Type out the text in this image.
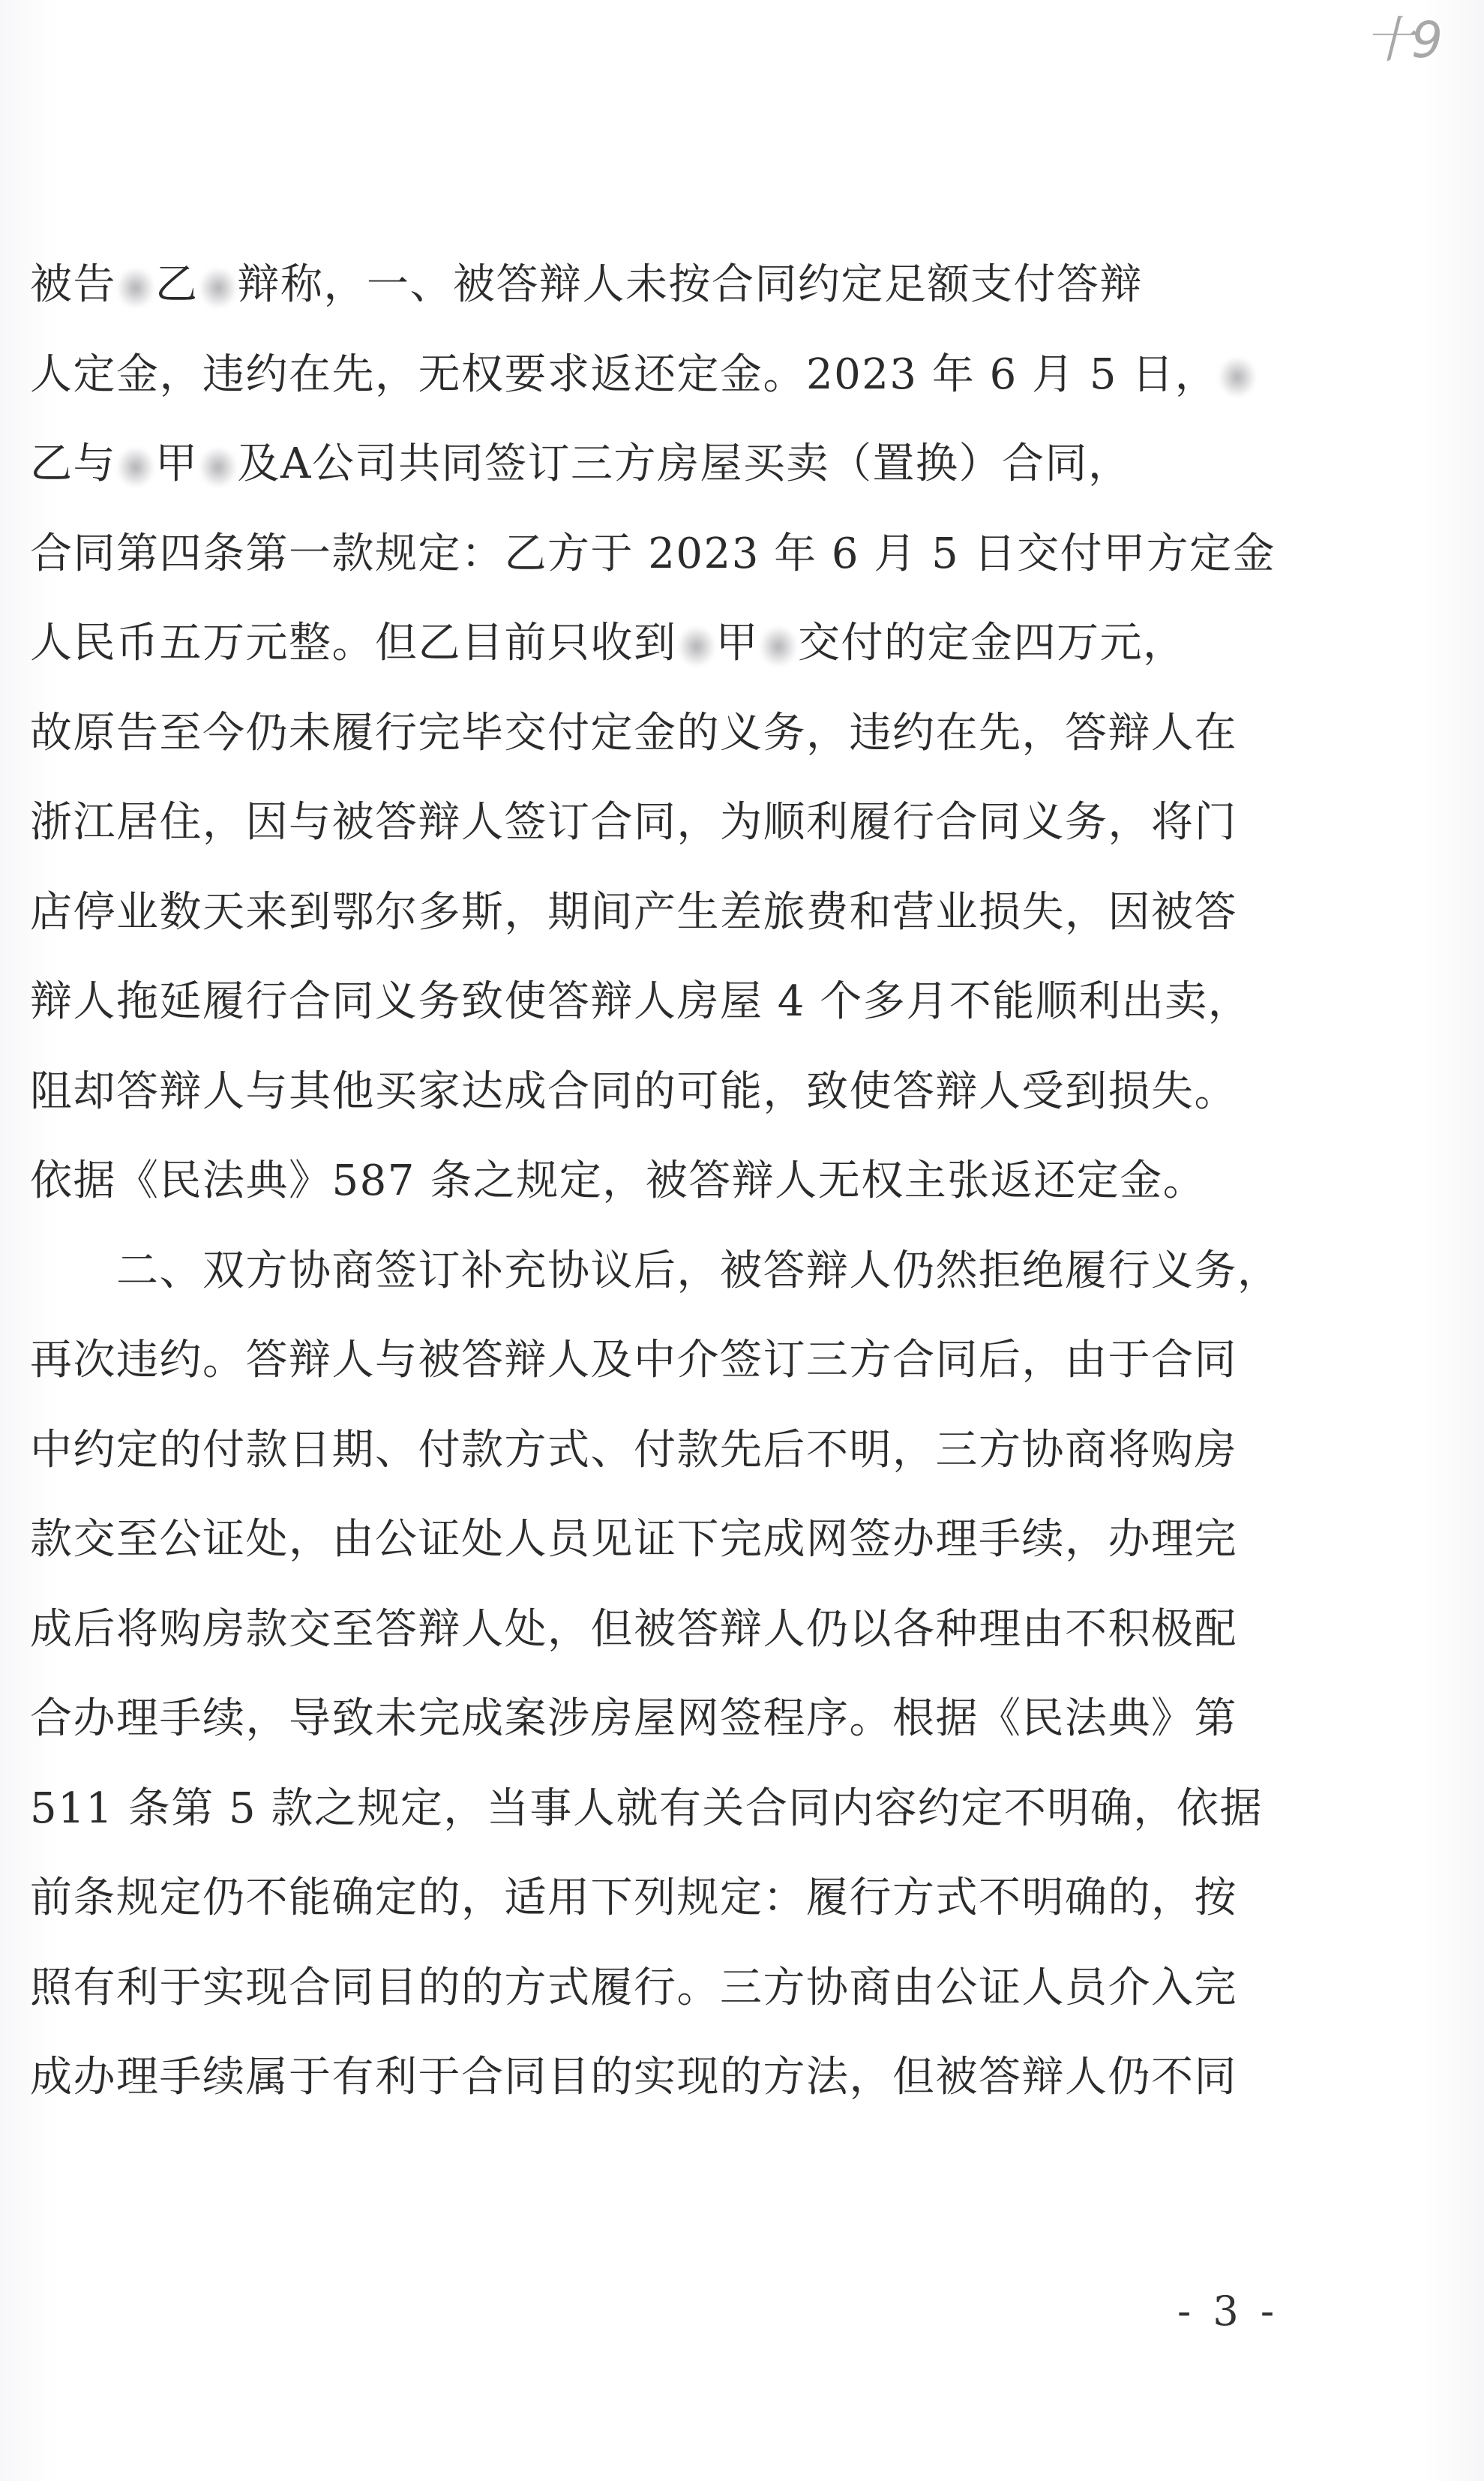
十9
被告 乙 辩称，一、被答辩人未按合同约定足额支付答辩
人定金，违约在先，无权要求返还定金。2023 年 6 月 5 日，
乙与 甲 及A公司共同签订三方房屋买卖（置换）合同，
合同第四条第一款规定：乙方于 2023 年 6 月 5 日交付甲方定金
人民币五万元整。但乙目前只收到 甲 交付的定金四万元，
故原告至今仍未履行完毕交付定金的义务，违约在先，答辩人在
浙江居住，因与被答辩人签订合同，为顺利履行合同义务，将门
店停业数天来到鄂尔多斯，期间产生差旅费和营业损失，因被答
辩人拖延履行合同义务致使答辩人房屋 4 个多月不能顺利出卖，
阻却答辩人与其他买家达成合同的可能，致使答辩人受到损失。
依据《民法典》587 条之规定，被答辩人无权主张返还定金。
二、双方协商签订补充协议后，被答辩人仍然拒绝履行义务，
再次违约。答辩人与被答辩人及中介签订三方合同后，由于合同
中约定的付款日期、付款方式、付款先后不明，三方协商将购房
款交至公证处，由公证处人员见证下完成网签办理手续，办理完
成后将购房款交至答辩人处，但被答辩人仍以各种理由不积极配
合办理手续，导致未完成案涉房屋网签程序。根据《民法典》第
511 条第 5 款之规定，当事人就有关合同内容约定不明确，依据
前条规定仍不能确定的，适用下列规定：履行方式不明确的，按
照有利于实现合同目的的方式履行。三方协商由公证人员介入完
成办理手续属于有利于合同目的实现的方法，但被答辩人仍不同
- 3 -
